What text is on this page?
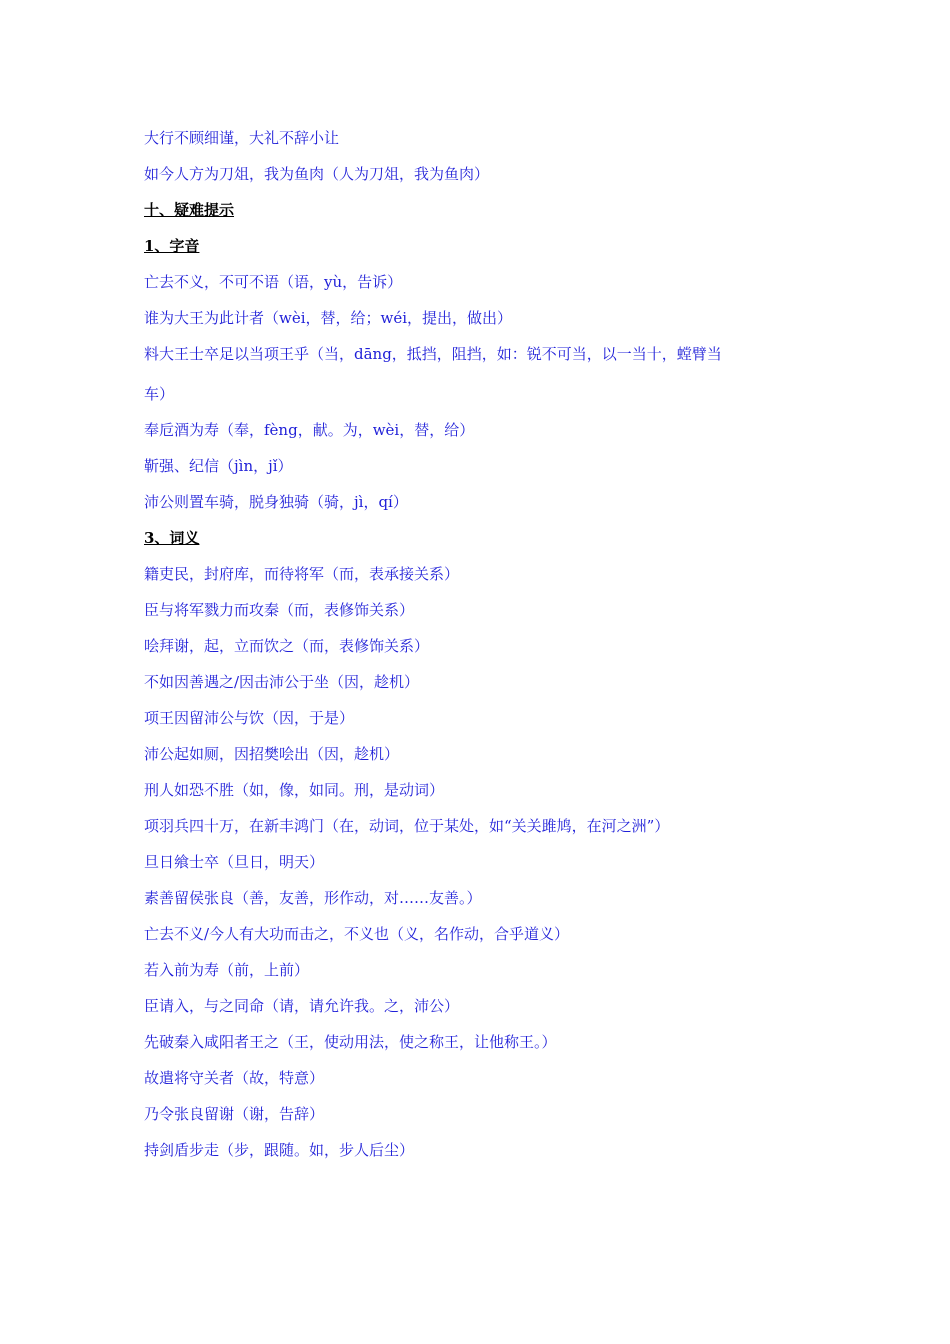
大行不顾细谨，大礼不辞小让
如今人方为刀俎，我为鱼肉（人为刀俎，我为鱼肉）
十、疑难提示
1、字音
亡去不义，不可不语（语，yù，告诉）
谁为大王为此计者（wèi，替，给；wéi，提出，做出）
料大王士卒足以当项王乎（当，dāng，抵挡，阻挡，如：锐不可当，以一当十，螳臂当
车）
奉卮酒为寿（奉，fèng，献。为，wèi，替，给）
靳强、纪信（jìn，jǐ）
沛公则置车骑，脱身独骑（骑，jì，qí）
3、词义
籍吏民，封府库，而待将军（而，表承接关系）
臣与将军戮力而攻秦（而，表修饰关系）
哙拜谢，起，立而饮之（而，表修饰关系）
不如因善遇之/因击沛公于坐（因，趁机）
项王因留沛公与饮（因，于是）
沛公起如厕，因招樊哙出（因，趁机）
刑人如恐不胜（如，像，如同。刑，是动词）
项羽兵四十万，在新丰鸿门（在，动词，位于某处，如“关关雎鸠，在河之洲”）
旦日飨士卒（旦日，明天）
素善留侯张良（善，友善，形作动，对……友善。）
亡去不义/今人有大功而击之，不义也（义，名作动，合乎道义）
若入前为寿（前，上前）
臣请入，与之同命（请，请允许我。之，沛公）
先破秦入咸阳者王之（王，使动用法，使之称王，让他称王。）
故遣将守关者（故，特意）
乃令张良留谢（谢，告辞）
持剑盾步走（步，跟随。如，步人后尘）
